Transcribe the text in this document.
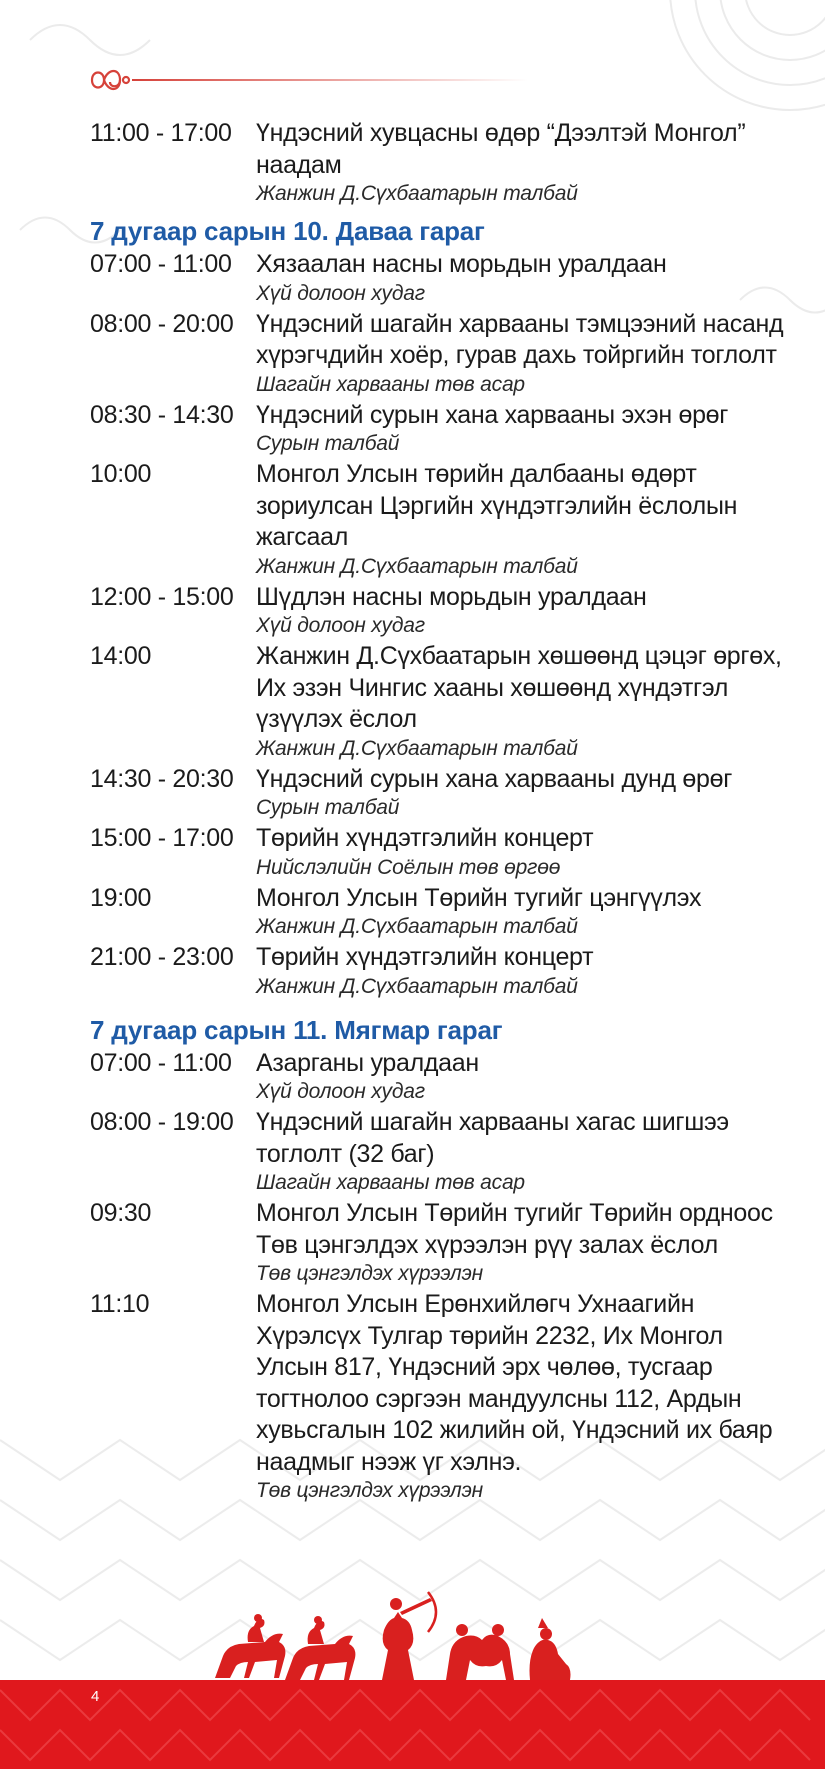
11:00 - 17:00 Үндэсний хувцасны өдөр “Дээлтэй Монгол” наадам
Жанжин Д.Сүхбаатарын талбай
7 дугаар сарын 10. Даваа гараг
07:00 - 11:00 Хязаалан насны морьдын уралдаан
Хүй долоон худаг
08:00 - 20:00 Үндэсний шагайн харвааны тэмцээний насанд хүрэгчдийн хоёр, гурав дахь тойргийн тоглолт
Шагайн харвааны төв асар
08:30 - 14:30 Үндэсний сурын хана харвааны эхэн өрөг
Сурын талбай
10:00	Монгол Улсын төрийн далбааны өдөрт зориулсан Цэргийн хүндэтгэлийн ёслолын жагсаал
Жанжин Д.Сүхбаатарын талбай
12:00 - 15:00 Шүдлэн насны морьдын уралдаан
Хүй долоон худаг
14:00	Жанжин Д.Сүхбаатарын хөшөөнд цэцэг өргөх, Их эзэн Чингис хааны хөшөөнд хүндэтгэл үзүүлэх ёслол
Жанжин Д.Сүхбаатарын талбай
14:30 - 20:30 Үндэсний сурын хана харвааны дунд өрөг
Сурын талбай
15:00 - 17:00 Төрийн хүндэтгэлийн концерт
Нийслэлийн Соёлын төв өргөө
19:00	Монгол Улсын Төрийн тугийг цэнгүүлэх
Жанжин Д.Сүхбаатарын талбай
21:00 - 23:00 Төрийн хүндэтгэлийн концерт
Жанжин Д.Сүхбаатарын талбай
7 дугаар сарын 11. Мягмар гараг
07:00 - 11:00 Азарганы уралдаан
Хүй долоон худаг
08:00 - 19:00 Үндэсний шагайн харвааны хагас шигшээ тоглолт (32 баг)
Шагайн харвааны төв асар
09:30	Монгол Улсын Төрийн тугийг Төрийн ордноос Төв цэнгэлдэх хүрээлэн рүү залах ёслол
Төв цэнгэлдэх хүрээлэн
11:10	Монгол Улсын Ерөнхийлөгч Ухнаагийн Хүрэлсүх Тулгар төрийн 2232, Их Монгол Улсын 817, Үндэсний эрх чөлөө, тусгаар тогтнолоо сэргээн мандуулсны 112, Ардын хувьсгалын 102 жилийн ой, Үндэсний их баяр наадмыг нээж үг хэлнэ.
Төв цэнгэлдэх хүрээлэн
4
